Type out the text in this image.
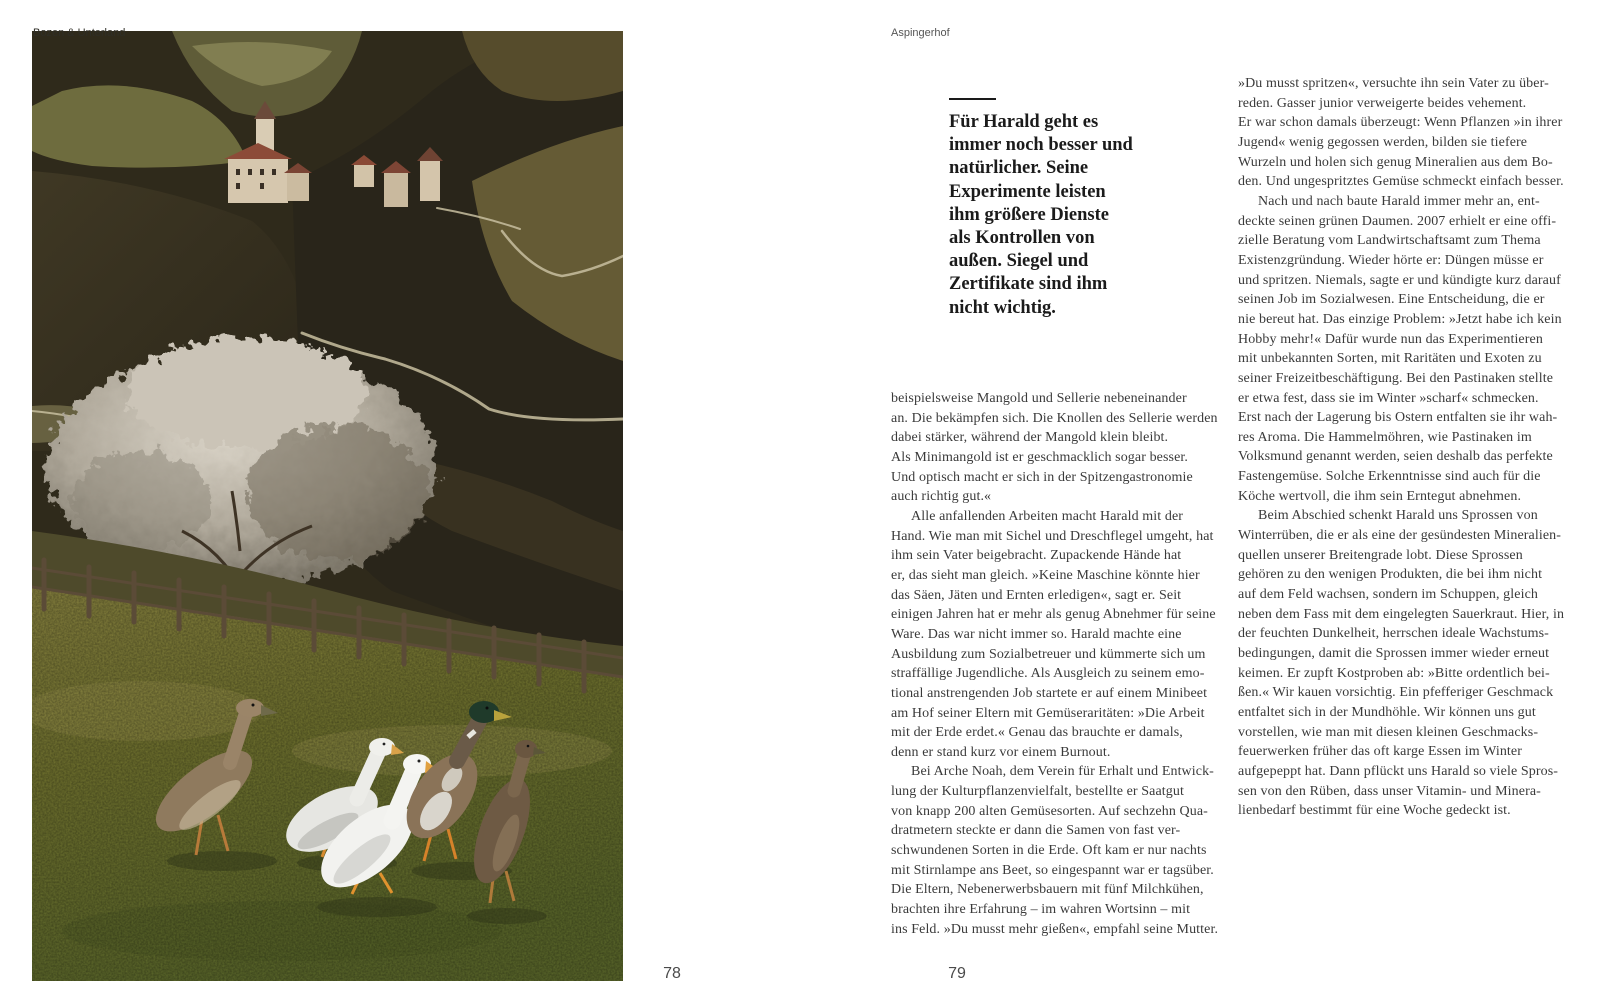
Bozen & Unterland
78
Aspingerhof
Für Harald geht es
immer noch besser und
natürlicher. Seine
Experimente leisten
ihm größere Dienste
als Kontrollen von
außen. Siegel und
Zertifikate sind ihm
nicht wichtig.
beispielsweise Mangold und Sellerie nebeneinander
an. Die bekämpfen sich. Die Knollen des Sellerie werden
dabei stärker, während der Mangold klein bleibt.
Als Minimangold ist er geschmacklich sogar besser.
Und optisch macht er sich in der Spitzengastronomie
auch richtig gut.«
Alle anfallenden Arbeiten macht Harald mit der
Hand. Wie man mit Sichel und Dreschflegel umgeht, hat
ihm sein Vater beigebracht. Zupackende Hände hat
er, das sieht man gleich. »Keine Maschine könnte hier
das Säen, Jäten und Ernten erledigen«, sagt er. Seit
einigen Jahren hat er mehr als genug Abnehmer für seine
Ware. Das war nicht immer so. Harald machte eine
Ausbildung zum Sozialbetreuer und kümmerte sich um
straffällige Jugendliche. Als Ausgleich zu seinem emo-
tional anstrengenden Job startete er auf einem Minibeet
am Hof seiner Eltern mit Gemüseraritäten: »Die Arbeit
mit der Erde erdet.« Genau das brauchte er damals,
denn er stand kurz vor einem Burnout.
Bei Arche Noah, dem Verein für Erhalt und Entwick-
lung der Kulturpflanzenvielfalt, bestellte er Saatgut
von knapp 200 alten Gemüsesorten. Auf sechzehn Qua-
dratmetern steckte er dann die Samen von fast ver-
schwundenen Sorten in die Erde. Oft kam er nur nachts
mit Stirnlampe ans Beet, so eingespannt war er tagsüber.
Die Eltern, Nebenerwerbsbauern mit fünf Milchkühen,
brachten ihre Erfahrung – im wahren Wortsinn – mit
ins Feld. »Du musst mehr gießen«, empfahl seine Mutter.
»Du musst spritzen«, versuchte ihn sein Vater zu über-
reden. Gasser junior verweigerte beides vehement.
Er war schon damals überzeugt: Wenn Pflanzen »in ihrer
Jugend« wenig gegossen werden, bilden sie tiefere
Wurzeln und holen sich genug Mineralien aus dem Bo-
den. Und ungespritztes Gemüse schmeckt einfach besser.
Nach und nach baute Harald immer mehr an, ent-
deckte seinen grünen Daumen. 2007 erhielt er eine offi-
zielle Beratung vom Landwirtschaftsamt zum Thema
Existenzgründung. Wieder hörte er: Düngen müsse er
und spritzen. Niemals, sagte er und kündigte kurz darauf
seinen Job im Sozialwesen. Eine Entscheidung, die er
nie bereut hat. Das einzige Problem: »Jetzt habe ich kein
Hobby mehr!« Dafür wurde nun das Experimentieren
mit unbekannten Sorten, mit Raritäten und Exoten zu
seiner Freizeitbeschäftigung. Bei den Pastinaken stellte
er etwa fest, dass sie im Winter »scharf« schmecken.
Erst nach der Lagerung bis Ostern entfalten sie ihr wah-
res Aroma. Die Hammelmöhren, wie Pastinaken im
Volksmund genannt werden, seien deshalb das perfekte
Fastengemüse. Solche Erkenntnisse sind auch für die
Köche wertvoll, die ihm sein Erntegut abnehmen.
Beim Abschied schenkt Harald uns Sprossen von
Winterrüben, die er als eine der gesündesten Mineralien-
quellen unserer Breitengrade lobt. Diese Sprossen
gehören zu den wenigen Produkten, die bei ihm nicht
auf dem Feld wachsen, sondern im Schuppen, gleich
neben dem Fass mit dem eingelegten Sauerkraut. Hier, in
der feuchten Dunkelheit, herrschen ideale Wachstums-
bedingungen, damit die Sprossen immer wieder erneut
keimen. Er zupft Kostproben ab: »Bitte ordentlich bei-
ßen.« Wir kauen vorsichtig. Ein pfefferiger Geschmack
entfaltet sich in der Mundhöhle. Wir können uns gut
vorstellen, wie man mit diesen kleinen Geschmacks-
feuerwerken früher das oft karge Essen im Winter
aufgepeppt hat. Dann pflückt uns Harald so viele Spros-
sen von den Rüben, dass unser Vitamin- und Minera-
lienbedarf bestimmt für eine Woche gedeckt ist.
79
